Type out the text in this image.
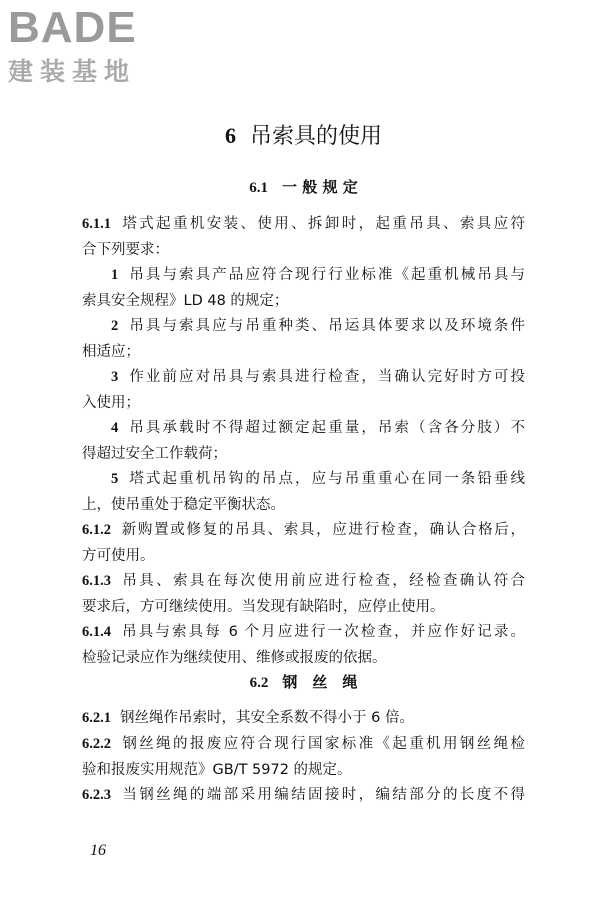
BADE
建装基地
6 吊索具的使用
6.1 一 般 规 定
6.1.1 塔式起重机安装、使用、拆卸时，起重吊具、索具应符
合下列要求：
1 吊具与索具产品应符合现行行业标准《起重机械吊具与
索具安全规程》LD 48 的规定；
2 吊具与索具应与吊重种类、吊运具体要求以及环境条件
相适应；
3 作业前应对吊具与索具进行检查，当确认完好时方可投
入使用；
4 吊具承载时不得超过额定起重量，吊索（含各分肢）不
得超过安全工作载荷；
5 塔式起重机吊钩的吊点，应与吊重重心在同一条铅垂线
上，使吊重处于稳定平衡状态。
6.1.2 新购置或修复的吊具、索具，应进行检查，确认合格后，
方可使用。
6.1.3 吊具、索具在每次使用前应进行检查，经检查确认符合
要求后，方可继续使用。当发现有缺陷时，应停止使用。
6.1.4 吊具与索具每 6 个月应进行一次检查，并应作好记录。
检验记录应作为继续使用、维修或报废的依据。
6.2 钢　丝　绳
6.2.1 钢丝绳作吊索时，其安全系数不得小于 6 倍。
6.2.2 钢丝绳的报废应符合现行国家标准《起重机用钢丝绳检
验和报废实用规范》GB/T 5972 的规定。
6.2.3 当钢丝绳的端部采用编结固接时，编结部分的长度不得
16
